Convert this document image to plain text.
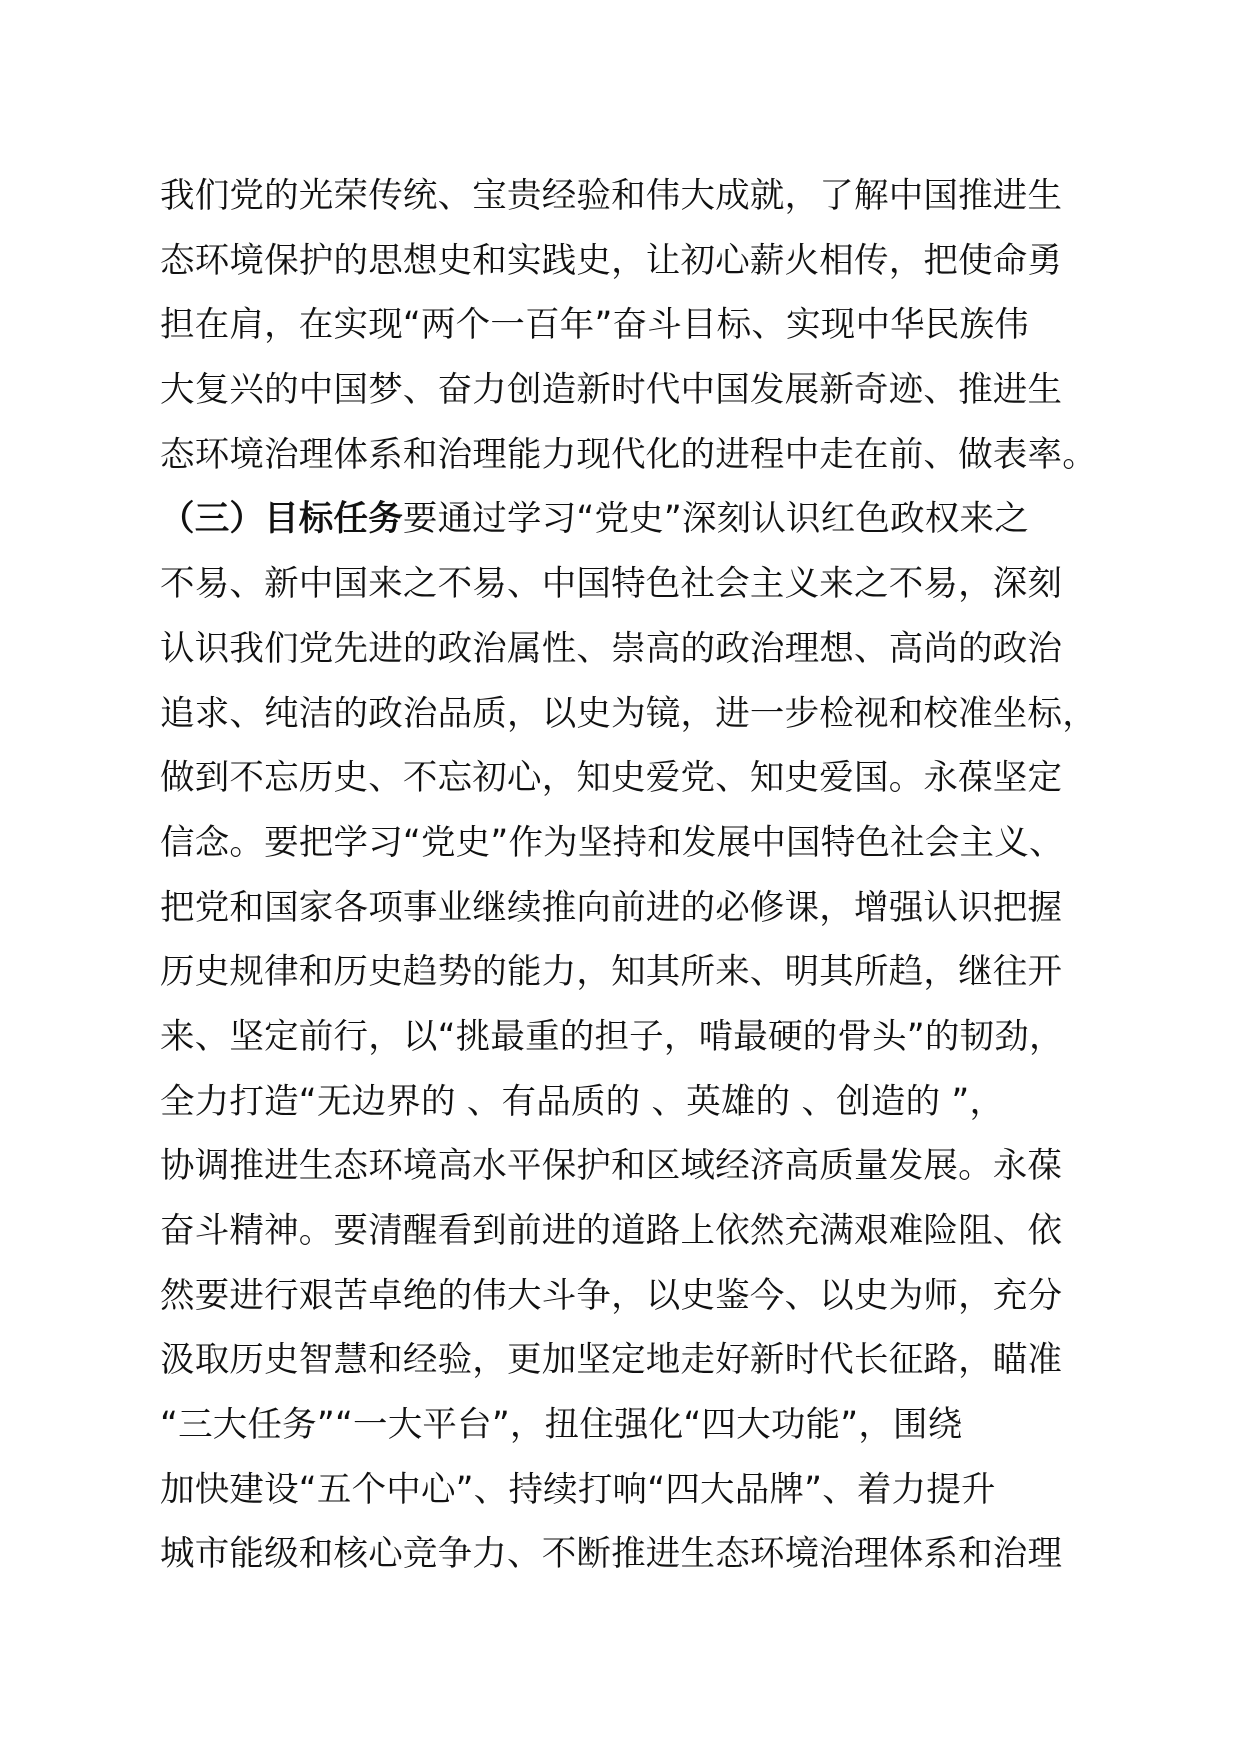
我们党的光荣传统、宝贵经验和伟大成就，了解中国推进生
态环境保护的思想史和实践史，让初心薪火相传，把使命勇
担在肩，在实现“两个一百年”奋斗目标、实现中华民族伟
大复兴的中国梦、奋力创造新时代中国发展新奇迹、推进生
态环境治理体系和治理能力现代化的进程中走在前、做表率。
（三）目标任务要通过学习“党史”深刻认识红色政权来之
不易、新中国来之不易、中国特色社会主义来之不易，深刻
认识我们党先进的政治属性、崇高的政治理想、高尚的政治
追求、纯洁的政治品质，以史为镜，进一步检视和校准坐标，
做到不忘历史、不忘初心，知史爱党、知史爱国。永葆坚定
信念。要把学习“党史”作为坚持和发展中国特色社会主义、
把党和国家各项事业继续推向前进的必修课，增强认识把握
历史规律和历史趋势的能力，知其所来、明其所趋，继往开
来、坚定前行，以“挑最重的担子，啃最硬的骨头”的韧劲，
全力打造“无边界的 、有品质的 、英雄的 、创造的 ”，
协调推进生态环境高水平保护和区域经济高质量发展。永葆
奋斗精神。要清醒看到前进的道路上依然充满艰难险阻、依
然要进行艰苦卓绝的伟大斗争，以史鉴今、以史为师，充分
汲取历史智慧和经验，更加坚定地走好新时代长征路，瞄准
“三大任务”“一大平台”，扭住强化“四大功能”，围绕
加快建设“五个中心”、持续打响“四大品牌”、着力提升
城市能级和核心竞争力、不断推进生态环境治理体系和治理
